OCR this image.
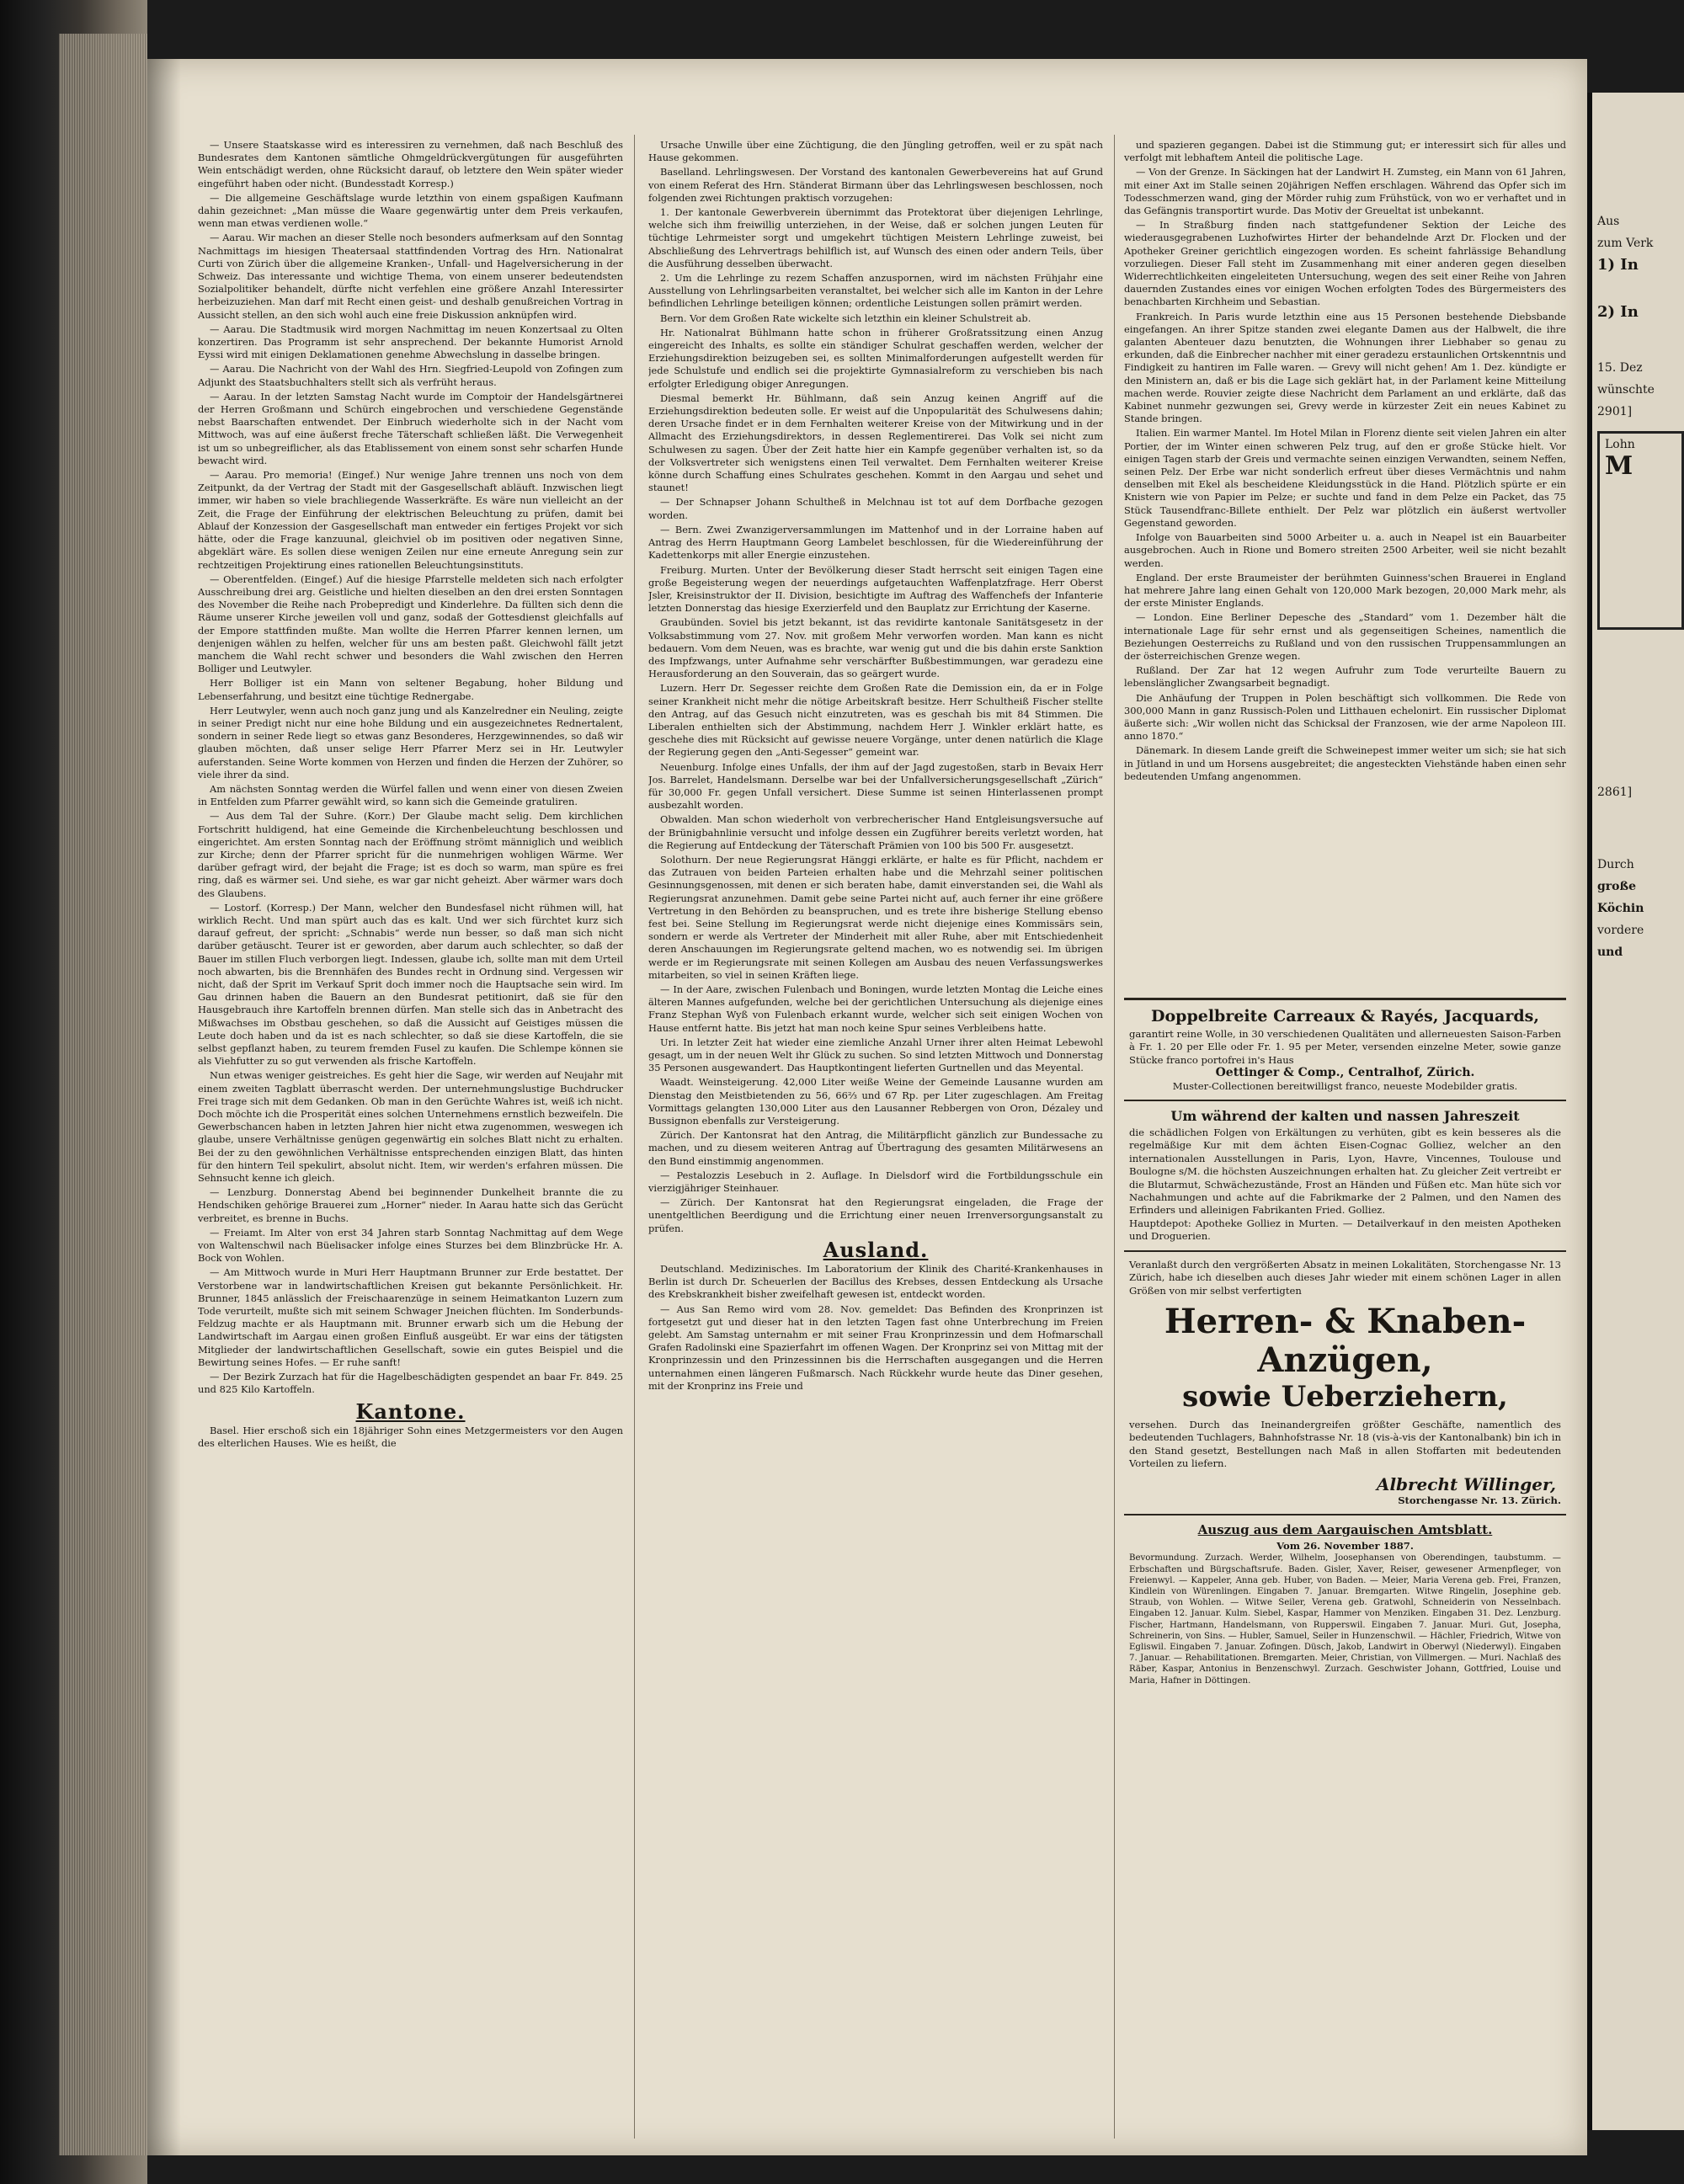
— Unsere Staatskasse wird es interessiren zu vernehmen, daß nach Beschluß des Bundesrates dem Kantonen sämtliche Ohmgeldrückvergütungen für ausgeführten Wein entschädigt werden, ohne Rücksicht darauf, ob letztere den Wein später wieder eingeführt haben oder nicht. (Bundesstadt Korresp.)

— Die allgemeine Geschäftslage wurde letzthin von einem gspaßigen Kaufmann dahin gezeichnet: „Man müsse die Waare gegenwärtig unter dem Preis verkaufen, wenn man etwas verdienen wolle.“

— Aarau. Wir machen an dieser Stelle noch besonders aufmerksam auf den Sonntag Nachmittags im hiesigen Theatersaal stattfindenden Vortrag des Hrn. Nationalrat Curti von Zürich über die allgemeine Kranken-, Unfall- und Hagelversicherung in der Schweiz. Das interessante und wichtige Thema, von einem unserer bedeutendsten Sozialpolitiker behandelt, dürfte nicht verfehlen eine größere Anzahl Interessirter herbeizuziehen. Man darf mit Recht einen geist- und deshalb genußreichen Vortrag in Aussicht stellen, an den sich wohl auch eine freie Diskussion anknüpfen wird.

— Aarau. Die Stadtmusik wird morgen Nachmittag im neuen Konzertsaal zu Olten konzertiren. Das Programm ist sehr ansprechend. Der bekannte Humorist Arnold Eyssi wird mit einigen Deklamationen genehme Abwechslung in dasselbe bringen.

— Aarau. Die Nachricht von der Wahl des Hrn. Siegfried-Leupold von Zofingen zum Adjunkt des Staatsbuchhalters stellt sich als verfrüht heraus.

— Aarau. In der letzten Samstag Nacht wurde im Comptoir der Handelsgärtnerei der Herren Großmann und Schürch eingebrochen und verschiedene Gegenstände nebst Baarschaften entwendet. Der Einbruch wiederholte sich in der Nacht vom Mittwoch, was auf eine äußerst freche Täterschaft schließen läßt. Die Verwegenheit ist um so unbegreiflicher, als das Etablissement von einem sonst sehr scharfen Hunde bewacht wird.

— Aarau. Pro memoria! (Eingef.) Nur wenige Jahre trennen uns noch von dem Zeitpunkt, da der Vertrag der Stadt mit der Gasgesellschaft abläuft. Inzwischen liegt immer, wir haben so viele brachliegende Wasserkräfte. Es wäre nun vielleicht an der Zeit, die Frage der Einführung der elektrischen Beleuchtung zu prüfen, damit bei Ablauf der Konzession der Gasgesellschaft man entweder ein fertiges Projekt vor sich hätte, oder die Frage kanzuunal, gleichviel ob im positiven oder negativen Sinne, abgeklärt wäre. Es sollen diese wenigen Zeilen nur eine erneute Anregung sein zur rechtzeitigen Projektirung eines rationellen Beleuchtungsinstituts.

— Oberentfelden. (Eingef.) Auf die hiesige Pfarrstelle meldeten sich nach erfolgter Ausschreibung drei arg. Geistliche und hielten dieselben an den drei ersten Sonntagen des November die Reihe nach Probepredigt und Kinderlehre. Da füllten sich denn die Räume unserer Kirche jeweilen voll und ganz, sodaß der Gottesdienst gleichfalls auf der Empore stattfinden mußte. Man wollte die Herren Pfarrer kennen lernen, um denjenigen wählen zu helfen, welcher für uns am besten paßt. Gleichwohl fällt jetzt manchem die Wahl recht schwer und besonders die Wahl zwischen den Herren Bolliger und Leutwyler.

Herr Bolliger ist ein Mann von seltener Begabung, hoher Bildung und Lebenserfahrung, und besitzt eine tüchtige Rednergabe.

Herr Leutwyler, wenn auch noch ganz jung und als Kanzelredner ein Neuling, zeigte in seiner Predigt nicht nur eine hohe Bildung und ein ausgezeichnetes Rednertalent, sondern in seiner Rede liegt so etwas ganz Besonderes, Herzgewinnendes, so daß wir glauben möchten, daß unser selige Herr Pfarrer Merz sei in Hr. Leutwyler auferstanden. Seine Worte kommen von Herzen und finden die Herzen der Zuhörer, so viele ihrer da sind.

Am nächsten Sonntag werden die Würfel fallen und wenn einer von diesen Zweien in Entfelden zum Pfarrer gewählt wird, so kann sich die Gemeinde gratuliren.

— Aus dem Tal der Suhre. (Korr.) Der Glaube macht selig. Dem kirchlichen Fortschritt huldigend, hat eine Gemeinde die Kirchenbeleuchtung beschlossen und eingerichtet. Am ersten Sonntag nach der Eröffnung strömt männiglich und weiblich zur Kirche; denn der Pfarrer spricht für die nunmehrigen wohligen Wärme. Wer darüber gefragt wird, der bejaht die Frage; ist es doch so warm, man spüre es frei ring, daß es wärmer sei. Und siehe, es war gar nicht geheizt. Aber wärmer wars doch des Glaubens.

— Lostorf. (Korresp.) Der Mann, welcher den Bundesfasel nicht rühmen will, hat wirklich Recht. Und man spürt auch das es kalt. Und wer sich fürchtet kurz sich darauf gefreut, der spricht: „Schnabis“ werde nun besser, so daß man sich nicht darüber getäuscht. Teurer ist er geworden, aber darum auch schlechter, so daß der Bauer im stillen Fluch verborgen liegt. Indessen, glaube ich, sollte man mit dem Urteil noch abwarten, bis die Brennhäfen des Bundes recht in Ordnung sind. Vergessen wir nicht, daß der Sprit im Verkauf Sprit doch immer noch die Hauptsache sein wird. Im Gau drinnen haben die Bauern an den Bundesrat petitionirt, daß sie für den Hausgebrauch ihre Kartoffeln brennen dürfen. Man stelle sich das in Anbetracht des Mißwachses im Obstbau geschehen, so daß die Aussicht auf Geistiges müssen die Leute doch haben und da ist es nach schlechter, so daß sie diese Kartoffeln, die sie selbst gepflanzt haben, zu teurem fremden Fusel zu kaufen. Die Schlempe können sie als Viehfutter zu so gut verwenden als frische Kartoffeln.

Nun etwas weniger geistreiches. Es geht hier die Sage, wir werden auf Neujahr mit einem zweiten Tagblatt überrascht werden. Der unternehmungslustige Buchdrucker Frei trage sich mit dem Gedanken. Ob man in den Gerüchte Wahres ist, weiß ich nicht. Doch möchte ich die Prosperität eines solchen Unternehmens ernstlich bezweifeln. Die Gewerbschancen haben in letzten Jahren hier nicht etwa zugenommen, weswegen ich glaube, unsere Verhältnisse genügen gegenwärtig ein solches Blatt nicht zu erhalten. Bei der zu den gewöhnlichen Verhältnisse entsprechenden einzigen Blatt, das hinten für den hintern Teil spekulirt, absolut nicht. Item, wir werden's erfahren müssen. Die Sehnsucht kenne ich gleich.

— Lenzburg. Donnerstag Abend bei beginnender Dunkelheit brannte die zu Hendschiken gehörige Brauerei zum „Horner“ nieder. In Aarau hatte sich das Gerücht verbreitet, es brenne in Buchs.

— Freiamt. Im Alter von erst 34 Jahren starb Sonntag Nachmittag auf dem Wege von Waltenschwil nach Büelisacker infolge eines Sturzes bei dem Blinzbrücke Hr. A. Bock von Wohlen.

— Am Mittwoch wurde in Muri Herr Hauptmann Brunner zur Erde bestattet. Der Verstorbene war in landwirtschaftlichen Kreisen gut bekannte Persönlichkeit. Hr. Brunner, 1845 anlässlich der Freischaarenzüge in seinem Heimatkanton Luzern zum Tode verurteilt, mußte sich mit seinem Schwager Jneichen flüchten. Im Sonderbunds-Feldzug machte er als Hauptmann mit. Brunner erwarb sich um die Hebung der Landwirtschaft im Aargau einen großen Einfluß ausgeübt. Er war eins der tätigsten Mitglieder der landwirtschaftlichen Gesellschaft, sowie ein gutes Beispiel und die Bewirtung seines Hofes. — Er ruhe sanft!

— Der Bezirk Zurzach hat für die Hagelbeschädigten gespendet an baar Fr. 849. 25 und 825 Kilo Kartoffeln.

Kantone.

Basel. Hier erschoß sich ein 18jähriger Sohn eines Metzgermeisters vor den Augen des elterlichen Hauses. Wie es heißt, die

Ursache Unwille über eine Züchtigung, die den Jüngling getroffen, weil er zu spät nach Hause gekommen.

Baselland. Lehrlingswesen. Der Vorstand des kantonalen Gewerbevereins hat auf Grund von einem Referat des Hrn. Ständerat Birmann über das Lehrlingswesen beschlossen, noch folgenden zwei Richtungen praktisch vorzugehen:

1. Der kantonale Gewerbverein übernimmt das Protektorat über diejenigen Lehrlinge, welche sich ihm freiwillig unterziehen, in der Weise, daß er solchen jungen Leuten für tüchtige Lehrmeister sorgt und umgekehrt tüchtigen Meistern Lehrlinge zuweist, bei Abschließung des Lehrvertrags behilflich ist, auf Wunsch des einen oder andern Teils, über die Ausführung desselben überwacht.

2. Um die Lehrlinge zu rezem Schaffen anzuspornen, wird im nächsten Frühjahr eine Ausstellung von Lehrlingsarbeiten veranstaltet, bei welcher sich alle im Kanton in der Lehre befindlichen Lehrlinge beteiligen können; ordentliche Leistungen sollen prämirt werden.

Bern. Vor dem Großen Rate wickelte sich letzthin ein kleiner Schulstreit ab.

Hr. Nationalrat Bühlmann hatte schon in früherer Großratssitzung einen Anzug eingereicht des Inhalts, es sollte ein ständiger Schulrat geschaffen werden, welcher der Erziehungsdirektion beizugeben sei, es sollten Minimalforderungen aufgestellt werden für jede Schulstufe und endlich sei die projektirte Gymnasialreform zu verschieben bis nach erfolgter Erledigung obiger Anregungen.

Diesmal bemerkt Hr. Bühlmann, daß sein Anzug keinen Angriff auf die Erziehungsdirektion bedeuten solle. Er weist auf die Unpopularität des Schulwesens dahin; deren Ursache findet er in dem Fernhalten weiterer Kreise von der Mitwirkung und in der Allmacht des Erziehungsdirektors, in dessen Reglementirerei. Das Volk sei nicht zum Schulwesen zu sagen. Über der Zeit hatte hier ein Kampfe gegenüber verhalten ist, so da der Volksvertreter sich wenigstens einen Teil verwaltet. Dem Fernhalten weiterer Kreise könne durch Schaffung eines Schulrates geschehen. Kommt in den Aargau und sehet und staunet!

— Der Schnapser Johann Schultheß in Melchnau ist tot auf dem Dorfbache gezogen worden.

— Bern. Zwei Zwanzigerversammlungen im Mattenhof und in der Lorraine haben auf Antrag des Herrn Hauptmann Georg Lambelet beschlossen, für die Wiedereinführung der Kadettenkorps mit aller Energie einzustehen.

Freiburg. Murten. Unter der Bevölkerung dieser Stadt herrscht seit einigen Tagen eine große Begeisterung wegen der neuerdings aufgetauchten Waffenplatzfrage. Herr Oberst Jsler, Kreisinstruktor der II. Division, besichtigte im Auftrag des Waffenchefs der Infanterie letzten Donnerstag das hiesige Exerzierfeld und den Bauplatz zur Errichtung der Kaserne.

Graubünden. Soviel bis jetzt bekannt, ist das revidirte kantonale Sanitätsgesetz in der Volksabstimmung vom 27. Nov. mit großem Mehr verworfen worden. Man kann es nicht bedauern. Vom dem Neuen, was es brachte, war wenig gut und die bis dahin erste Sanktion des Impfzwangs, unter Aufnahme sehr verschärfter Bußbestimmungen, war geradezu eine Herausforderung an den Souverain, das so geärgert wurde.

Luzern. Herr Dr. Segesser reichte dem Großen Rate die Demission ein, da er in Folge seiner Krankheit nicht mehr die nötige Arbeitskraft besitze. Herr Schultheiß Fischer stellte den Antrag, auf das Gesuch nicht einzutreten, was es geschah bis mit 84 Stimmen. Die Liberalen enthielten sich der Abstimmung, nachdem Herr J. Winkler erklärt hatte, es geschehe dies mit Rücksicht auf gewisse neuere Vorgänge, unter denen natürlich die Klage der Regierung gegen den „Anti-Segesser“ gemeint war.

Neuenburg. Infolge eines Unfalls, der ihm auf der Jagd zugestoßen, starb in Bevaix Herr Jos. Barrelet, Handelsmann. Derselbe war bei der Unfallversicherungsgesellschaft „Zürich“ für 30,000 Fr. gegen Unfall versichert. Diese Summe ist seinen Hinterlassenen prompt ausbezahlt worden.

Obwalden. Man schon wiederholt von verbrecherischer Hand Entgleisungsversuche auf der Brünigbahnlinie versucht und infolge dessen ein Zugführer bereits verletzt worden, hat die Regierung auf Entdeckung der Täterschaft Prämien von 100 bis 500 Fr. ausgesetzt.

Solothurn. Der neue Regierungsrat Hänggi erklärte, er halte es für Pflicht, nachdem er das Zutrauen von beiden Parteien erhalten habe und die Mehrzahl seiner politischen Gesinnungsgenossen, mit denen er sich beraten habe, damit einverstanden sei, die Wahl als Regierungsrat anzunehmen. Damit gebe seine Partei nicht auf, auch ferner ihr eine größere Vertretung in den Behörden zu beanspruchen, und es trete ihre bisherige Stellung ebenso fest bei. Seine Stellung im Regierungsrat werde nicht diejenige eines Kommissärs sein, sondern er werde als Vertreter der Minderheit mit aller Ruhe, aber mit Entschiedenheit deren Anschauungen im Regierungsrate geltend machen, wo es notwendig sei. Im übrigen werde er im Regierungsrate mit seinen Kollegen am Ausbau des neuen Verfassungswerkes mitarbeiten, so viel in seinen Kräften liege.

— In der Aare, zwischen Fulenbach und Boningen, wurde letzten Montag die Leiche eines älteren Mannes aufgefunden, welche bei der gerichtlichen Untersuchung als diejenige eines Franz Stephan Wyß von Fulenbach erkannt wurde, welcher sich seit einigen Wochen von Hause entfernt hatte. Bis jetzt hat man noch keine Spur seines Verbleibens hatte.

Uri. In letzter Zeit hat wieder eine ziemliche Anzahl Urner ihrer alten Heimat Lebewohl gesagt, um in der neuen Welt ihr Glück zu suchen. So sind letzten Mittwoch und Donnerstag 35 Personen ausgewandert. Das Hauptkontingent lieferten Gurtnellen und das Meyental.

Waadt. Weinsteigerung. 42,000 Liter weiße Weine der Gemeinde Lausanne wurden am Dienstag den Meistbietenden zu 56, 66⅔ und 67 Rp. per Liter zugeschlagen. Am Freitag Vormittags gelangten 130,000 Liter aus den Lausanner Rebbergen von Oron, Dézaley und Bussignon ebenfalls zur Versteigerung.

Zürich. Der Kantonsrat hat den Antrag, die Militärpflicht gänzlich zur Bundessache zu machen, und zu diesem weiteren Antrag auf Übertragung des gesamten Militärwesens an den Bund einstimmig angenommen.

— Pestalozzis Lesebuch in 2. Auflage. In Dielsdorf wird die Fortbildungsschule ein vierzigjähriger Steinhauer.

— Zürich. Der Kantonsrat hat den Regierungsrat eingeladen, die Frage der unentgeltlichen Beerdigung und die Errichtung einer neuen Irrenversorgungsanstalt zu prüfen.

Ausland.

Deutschland. Medizinisches. Im Laboratorium der Klinik des Charité-Krankenhauses in Berlin ist durch Dr. Scheuerlen der Bacillus des Krebses, dessen Entdeckung als Ursache des Krebskrankheit bisher zweifelhaft gewesen ist, entdeckt worden.

— Aus San Remo wird vom 28. Nov. gemeldet: Das Befinden des Kronprinzen ist fortgesetzt gut und dieser hat in den letzten Tagen fast ohne Unterbrechung im Freien gelebt. Am Samstag unternahm er mit seiner Frau Kronprinzessin und dem Hofmarschall Grafen Radolinski eine Spazierfahrt im offenen Wagen. Der Kronprinz sei von Mittag mit der Kronprinzessin und den Prinzessinnen bis die Herrschaften ausgegangen und die Herren unternahmen einen längeren Fußmarsch. Nach Rückkehr wurde heute das Diner gesehen, mit der Kronprinz ins Freie und

und spazieren gegangen. Dabei ist die Stimmung gut; er interessirt sich für alles und verfolgt mit lebhaftem Anteil die politische Lage.

— Von der Grenze. In Säckingen hat der Landwirt H. Zumsteg, ein Mann von 61 Jahren, mit einer Axt im Stalle seinen 20jährigen Neffen erschlagen. Während das Opfer sich im Todesschmerzen wand, ging der Mörder ruhig zum Frühstück, von wo er verhaftet und in das Gefängnis transportirt wurde. Das Motiv der Greueltat ist unbekannt.

— In Straßburg finden nach stattgefundener Sektion der Leiche des wiederausgegrabenen Luzhofwirtes Hirter der behandelnde Arzt Dr. Flocken und der Apotheker Greiner gerichtlich eingezogen worden. Es scheint fahrlässige Behandlung vorzuliegen. Dieser Fall steht im Zusammenhang mit einer anderen gegen dieselben Widerrechtlichkeiten eingeleiteten Untersuchung, wegen des seit einer Reihe von Jahren dauernden Zustandes eines vor einigen Wochen erfolgten Todes des Bürgermeisters des benachbarten Kirchheim und Sebastian.

Frankreich. In Paris wurde letzthin eine aus 15 Personen bestehende Diebsbande eingefangen. An ihrer Spitze standen zwei elegante Damen aus der Halbwelt, die ihre galanten Abenteuer dazu benutzten, die Wohnungen ihrer Liebhaber so genau zu erkunden, daß die Einbrecher nachher mit einer geradezu erstaunlichen Ortskenntnis und Findigkeit zu hantiren im Falle waren. — Grevy will nicht gehen! Am 1. Dez. kündigte er den Ministern an, daß er bis die Lage sich geklärt hat, in der Parlament keine Mitteilung machen werde. Rouvier zeigte diese Nachricht dem Parlament an und erklärte, daß das Kabinet nunmehr gezwungen sei, Grevy werde in kürzester Zeit ein neues Kabinet zu Stande bringen.

Italien. Ein warmer Mantel. Im Hotel Milan in Florenz diente seit vielen Jahren ein alter Portier, der im Winter einen schweren Pelz trug, auf den er große Stücke hielt. Vor einigen Tagen starb der Greis und vermachte seinen einzigen Verwandten, seinem Neffen, seinen Pelz. Der Erbe war nicht sonderlich erfreut über dieses Vermächtnis und nahm denselben mit Ekel als bescheidene Kleidungsstück in die Hand. Plötzlich spürte er ein Knistern wie von Papier im Pelze; er suchte und fand in dem Pelze ein Packet, das 75 Stück Tausendfranc-Billete enthielt. Der Pelz war plötzlich ein äußerst wertvoller Gegenstand geworden.

Infolge von Bauarbeiten sind 5000 Arbeiter u. a. auch in Neapel ist ein Bauarbeiter ausgebrochen. Auch in Rione und Bomero streiten 2500 Arbeiter, weil sie nicht bezahlt werden.

England. Der erste Braumeister der berühmten Guinness'schen Brauerei in England hat mehrere Jahre lang einen Gehalt von 120,000 Mark bezogen, 20,000 Mark mehr, als der erste Minister Englands.

— London. Eine Berliner Depesche des „Standard“ vom 1. Dezember hält die internationale Lage für sehr ernst und als gegenseitigen Scheines, namentlich die Beziehungen Oesterreichs zu Rußland und von den russischen Truppensammlungen an der österreichischen Grenze wegen.

Rußland. Der Zar hat 12 wegen Aufruhr zum Tode verurteilte Bauern zu lebenslänglicher Zwangsarbeit begnadigt.

Die Anhäufung der Truppen in Polen beschäftigt sich vollkommen. Die Rede von 300,000 Mann in ganz Russisch-Polen und Litthauen echelonirt. Ein russischer Diplomat äußerte sich: „Wir wollen nicht das Schicksal der Franzosen, wie der arme Napoleon III. anno 1870.“

Dänemark. In diesem Lande greift die Schweinepest immer weiter um sich; sie hat sich in Jütland in und um Horsens ausgebreitet; die angesteckten Viehstände haben einen sehr bedeutenden Umfang angenommen.

Doppelbreite Carreaux & Rayés, Jacquards,

garantirt reine Wolle, in 30 verschiedenen Qualitäten und allerneuesten Saison-Farben à Fr. 1. 20 per Elle oder Fr. 1. 95 per Meter, versenden einzelne Meter, sowie ganze Stücke franco portofrei in's Haus

Oettinger & Comp., Centralhof, Zürich.

Muster-Collectionen bereitwilligst franco, neueste Modebilder gratis.

Um während der kalten und nassen Jahreszeit

die schädlichen Folgen von Erkältungen zu verhüten, gibt es kein besseres als die regelmäßige Kur mit dem ächten Eisen-Cognac Golliez, welcher an den internationalen Ausstellungen in Paris, Lyon, Havre, Vincennes, Toulouse und Boulogne s/M. die höchsten Auszeichnungen erhalten hat. Zu gleicher Zeit vertreibt er die Blutarmut, Schwächezustände, Frost an Händen und Füßen etc. Man hüte sich vor Nachahmungen und achte auf die Fabrikmarke der 2 Palmen, und den Namen des Erfinders und alleinigen Fabrikanten Fried. Golliez.

Hauptdepot: Apotheke Golliez in Murten. — Detailverkauf in den meisten Apotheken und Droguerien.

Veranlaßt durch den vergrößerten Absatz in meinen Lokalitäten, Storchengasse Nr. 13 Zürich, habe ich dieselben auch dieses Jahr wieder mit einem schönen Lager in allen Größen von mir selbst verfertigten

Herren- & Knaben-Anzügen,

sowie Ueberziehern,

versehen. Durch das Ineinandergreifen größter Geschäfte, namentlich des bedeutenden Tuchlagers, Bahnhofstrasse Nr. 18 (vis-à-vis der Kantonalbank) bin ich in den Stand gesetzt, Bestellungen nach Maß in allen Stoffarten mit bedeutenden Vorteilen zu liefern.

Albrecht Willinger,

Storchengasse Nr. 13. Zürich.

Auszug aus dem Aargauischen Amtsblatt.

Vom 26. November 1887.

Bevormundung. Zurzach. Werder, Wilhelm, Joosephansen von Oberendingen, taubstumm. — Erbschaften und Bürgschaftsrufe. Baden. Gisler, Xaver, Reiser, gewesener Armenpfleger, von Freienwyl. — Kappeler, Anna geb. Huber, von Baden. — Meier, Maria Verena geb. Frei, Franzen, Kindlein von Würenlingen. Eingaben 7. Januar. Bremgarten. Witwe Ringelin, Josephine geb. Straub, von Wohlen. — Witwe Seiler, Verena geb. Gratwohl, Schneiderin von Nesselnbach. Eingaben 12. Januar. Kulm. Siebel, Kaspar, Hammer von Menziken. Eingaben 31. Dez. Lenzburg. Fischer, Hartmann, Handelsmann, von Rupperswil. Eingaben 7. Januar. Muri. Gut, Josepha, Schreinerin, von Sins. — Hubler, Samuel, Seiler in Hunzenschwil. — Hächler, Friedrich, Witwe von Egliswil. Eingaben 7. Januar. Zofingen. Düsch, Jakob, Landwirt in Oberwyl (Niederwyl). Eingaben 7. Januar. — Rehabilitationen. Bremgarten. Meier, Christian, von Villmergen. — Muri. Nachlaß des Räber, Kaspar, Antonius in Benzenschwyl. Zurzach. Geschwister Johann, Gottfried, Louise und Maria, Hafner in Döttingen.

Aus
zum Verk
1) In
2) In
15. Dez
wünschte
2901]
Lohn
M
2861]
Durch
große
Köchin
vordere
und
